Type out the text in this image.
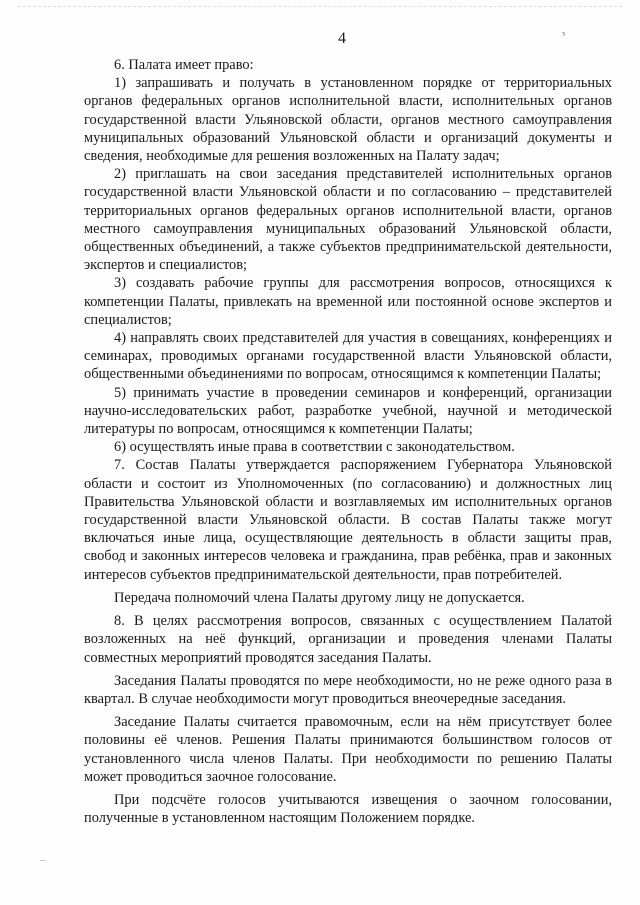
4	ᵌ

6. Палата имеет право:

1) запрашивать и получать в установленном порядке от территориальных органов федеральных органов исполнительной власти, исполнительных органов государственной власти Ульяновской области, органов местного самоуправления муниципальных образований Ульяновской области и организаций документы и сведения, необходимые для решения возложенных на Палату задач;

2) приглашать на свои заседания представителей исполнительных органов государственной власти Ульяновской области и по согласованию – представителей территориальных органов федеральных органов исполнительной власти, органов местного самоуправления муниципальных образований Ульяновской области, общественных объединений, а также субъектов предпринимательской деятельности, экспертов и специалистов;

3) создавать рабочие группы для рассмотрения вопросов, относящихся к компетенции Палаты, привлекать на временной или постоянной основе экспертов и специалистов;

4) направлять своих представителей для участия в совещаниях, конференциях и семинарах, проводимых органами государственной власти Ульяновской области, общественными объединениями по вопросам, относящимся к компетенции Палаты;

5) принимать участие в проведении семинаров и конференций, организации научно-исследовательских работ, разработке учебной, научной и методической литературы по вопросам, относящимся к компетенции Палаты;

6) осуществлять иные права в соответствии с законодательством.

7. Состав Палаты утверждается распоряжением Губернатора Ульяновской области и состоит из Уполномоченных (по согласованию) и должностных лиц Правительства Ульяновской области и возглавляемых им исполнительных органов государственной власти Ульяновской области. В состав Палаты также могут включаться иные лица, осуществляющие деятельность в области защиты прав, свобод и законных интересов человека и гражданина, прав ребёнка, прав и законных интересов субъектов предпринимательской деятельности, прав потребителей.

Передача полномочий члена Палаты другому лицу не допускается.

8. В целях рассмотрения вопросов, связанных с осуществлением Палатой возложенных на неё функций, организации и проведения членами Палаты совместных мероприятий проводятся заседания Палаты.

Заседания Палаты проводятся по мере необходимости, но не реже одного раза в квартал. В случае необходимости могут проводиться внеочередные заседания.

Заседание Палаты считается правомочным, если на нём присутствует более половины её членов. Решения Палаты принимаются большинством голосов от установленного числа членов Палаты. При необходимости по решению Палаты может проводиться заочное голосование.

При подсчёте голосов учитываются извещения о заочном голосовании, полученные в установленном настоящим Положением порядке.
